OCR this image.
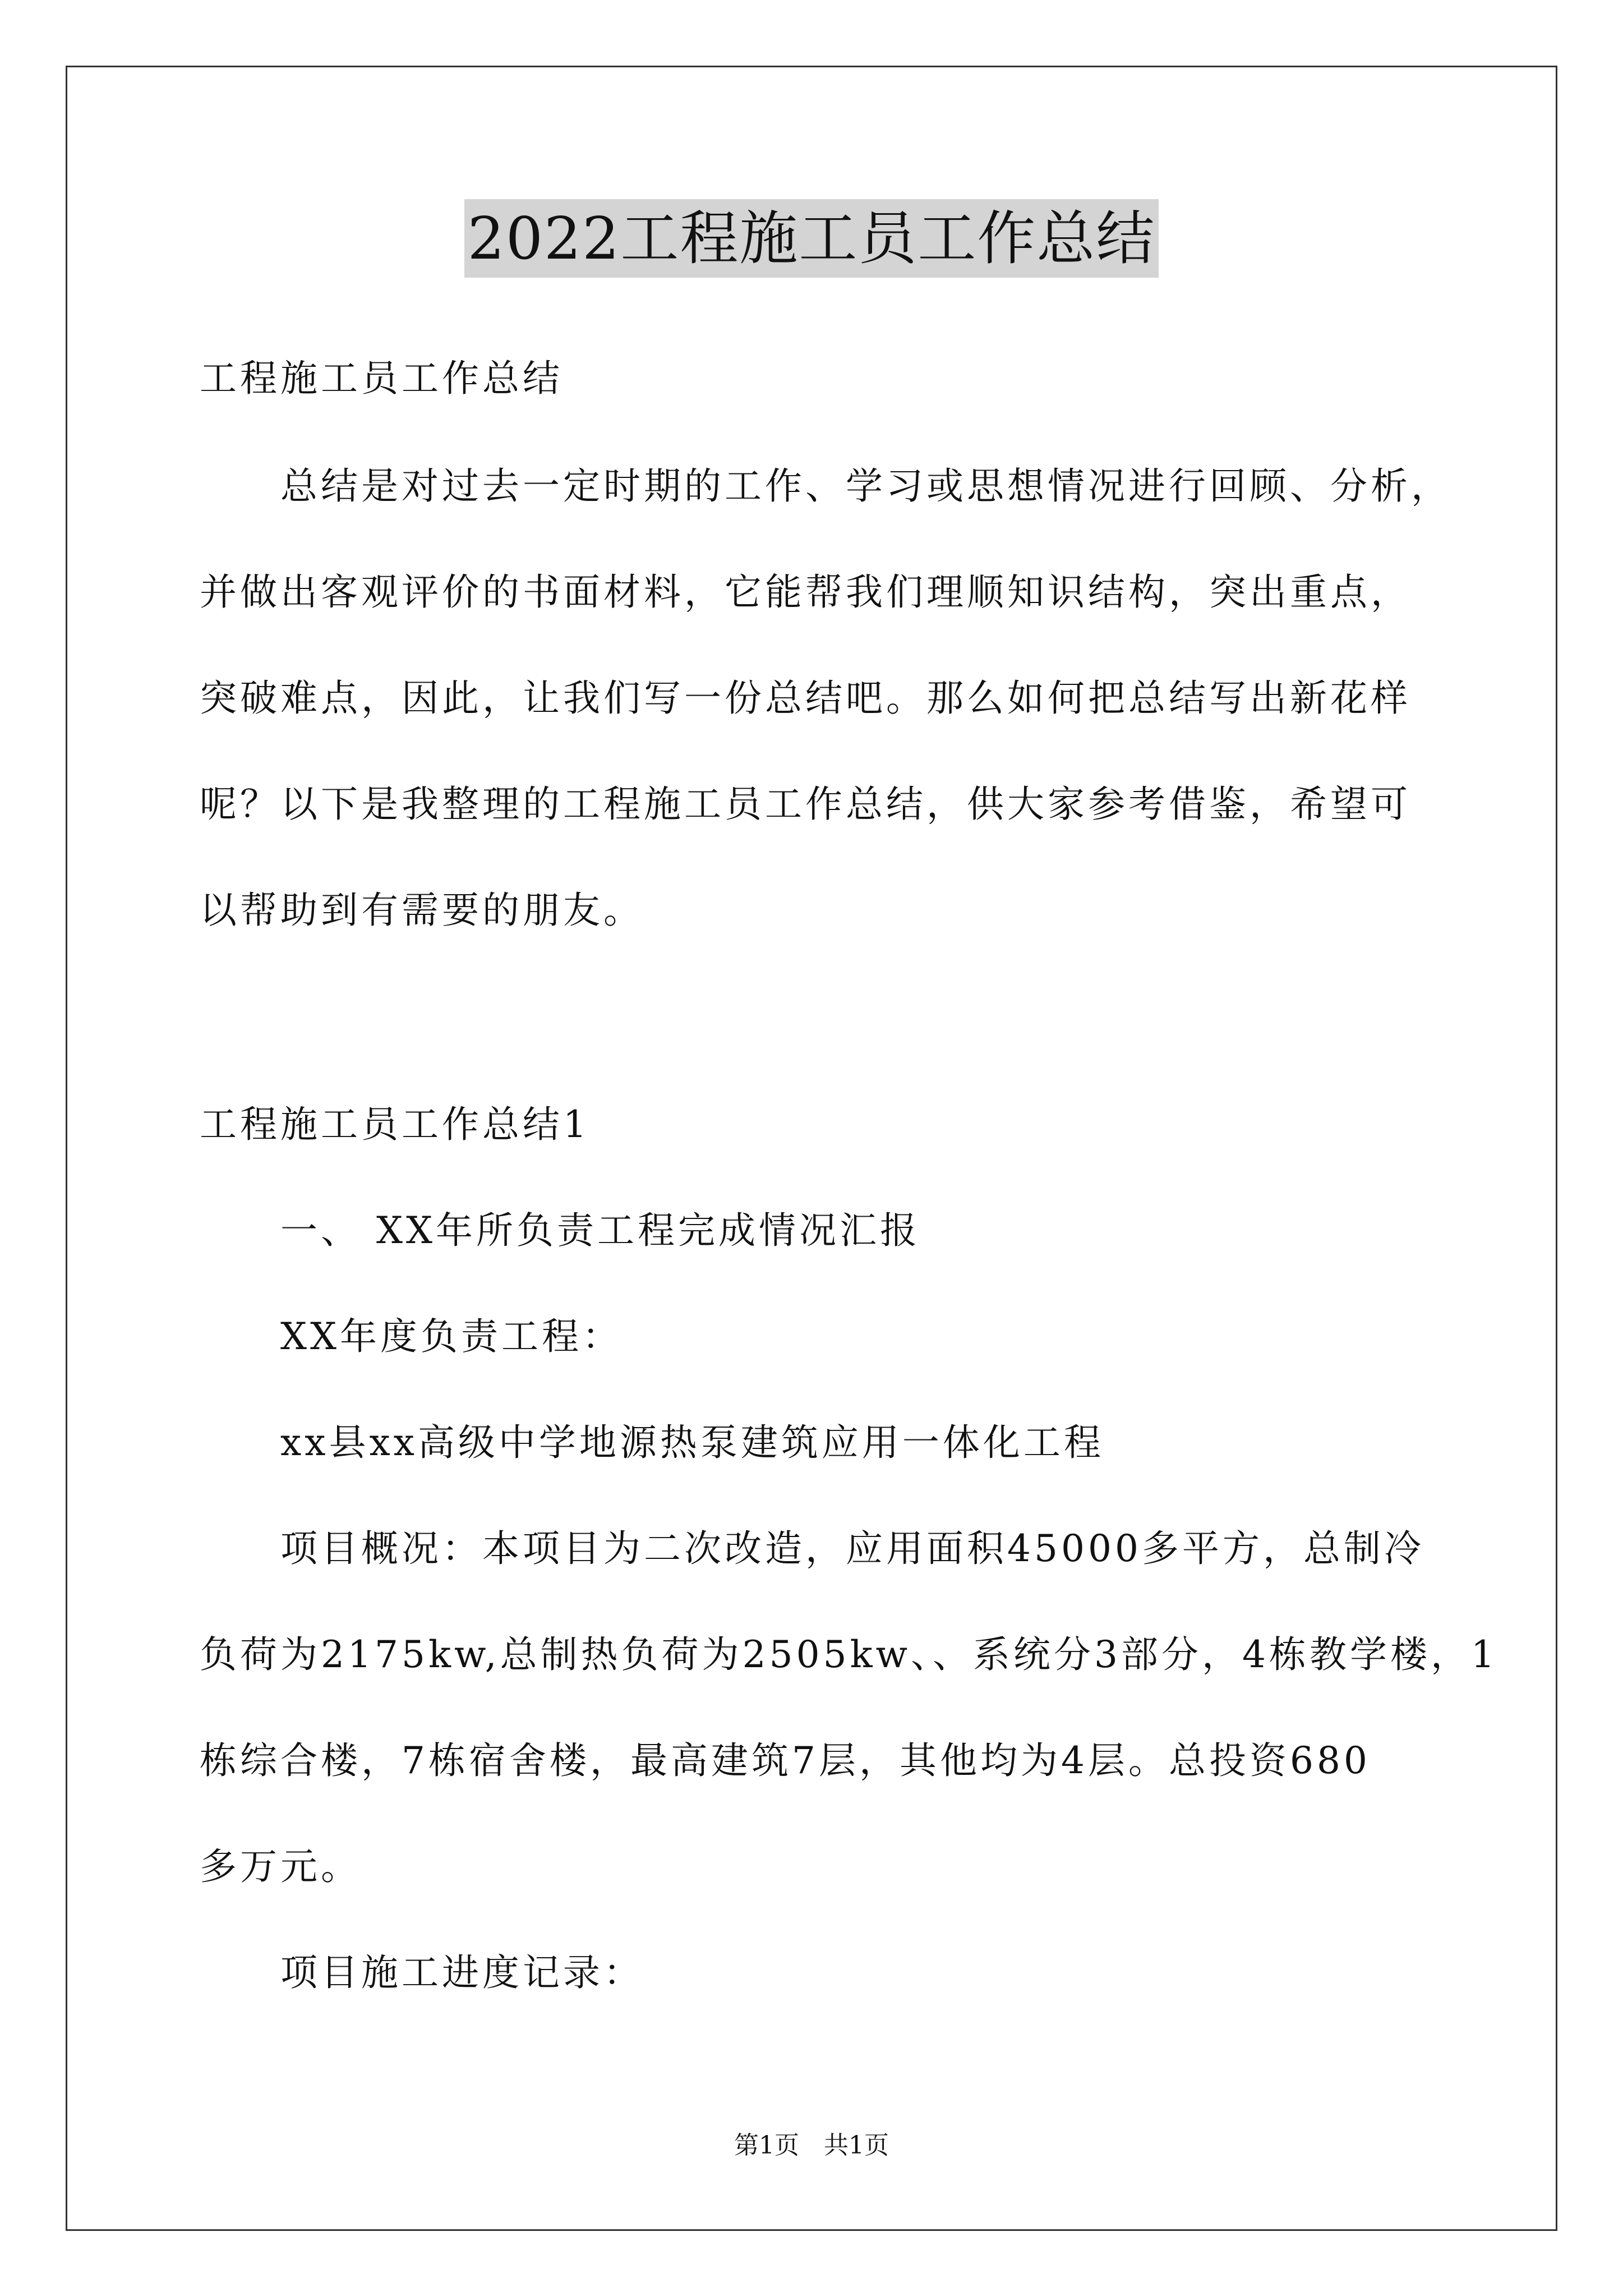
2022工程施工员工作总结
工程施工员工作总结
总结是对过去一定时期的工作、学习或思想情况进行回顾、分析，
并做出客观评价的书面材料，它能帮我们理顺知识结构，突出重点，
突破难点，因此，让我们写一份总结吧。那么如何把总结写出新花样
呢？以下是我整理的工程施工员工作总结，供大家参考借鉴，希望可
以帮助到有需要的朋友。
工程施工员工作总结1
一、 XX年所负责工程完成情况汇报
XX年度负责工程：
xx县xx高级中学地源热泵建筑应用一体化工程
项目概况：本项目为二次改造，应用面积45000多平方，总制冷
负荷为2175kw,总制热负荷为2505kw、、系统分3部分，4栋教学楼，1
栋综合楼，7栋宿舍楼，最高建筑7层，其他均为4层。总投资680
多万元。
项目施工进度记录：
第1页　共1页
